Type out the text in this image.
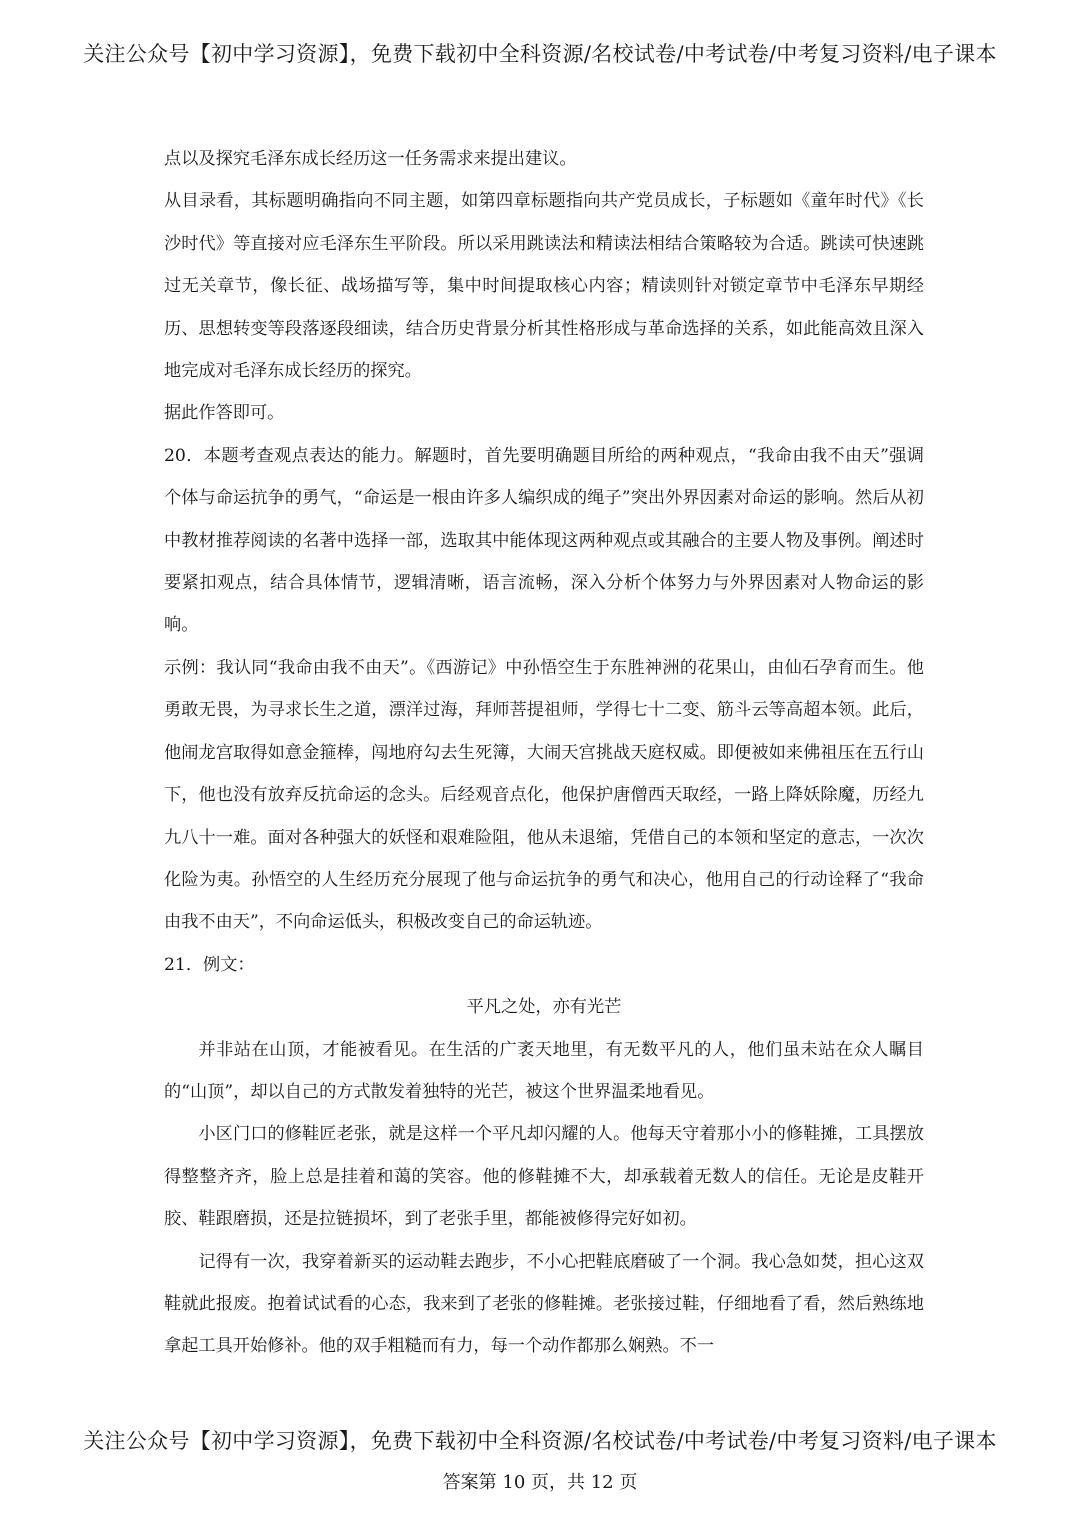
关注公众号【初中学习资源】，免费下载初中全科资源/名校试卷/中考试卷/中考复习资料/电子课本

点以及探究毛泽东成长经历这一任务需求来提出建议。

从目录看，其标题明确指向不同主题，如第四章标题指向共产党员成长，子标题如《童年时代》《长沙时代》等直接对应毛泽东生平阶段。所以采用跳读法和精读法相结合策略较为合适。跳读可快速跳过无关章节，像长征、战场描写等，集中时间提取核心内容；精读则针对锁定章节中毛泽东早期经历、思想转变等段落逐段细读，结合历史背景分析其性格形成与革命选择的关系，如此能高效且深入地完成对毛泽东成长经历的探究。

据此作答即可。

20．本题考查观点表达的能力。解题时，首先要明确题目所给的两种观点，“我命由我不由天”强调个体与命运抗争的勇气，“命运是一根由许多人编织成的绳子”突出外界因素对命运的影响。然后从初中教材推荐阅读的名著中选择一部，选取其中能体现这两种观点或其融合的主要人物及事例。阐述时要紧扣观点，结合具体情节，逻辑清晰，语言流畅，深入分析个体努力与外界因素对人物命运的影响。

示例：我认同“我命由我不由天”。《西游记》中孙悟空生于东胜神洲的花果山，由仙石孕育而生。他勇敢无畏，为寻求长生之道，漂洋过海，拜师菩提祖师，学得七十二变、筋斗云等高超本领。此后，他闹龙宫取得如意金箍棒，闯地府勾去生死簿，大闹天宫挑战天庭权威。即便被如来佛祖压在五行山下，他也没有放弃反抗命运的念头。后经观音点化，他保护唐僧西天取经，一路上降妖除魔，历经九九八十一难。面对各种强大的妖怪和艰难险阻，他从未退缩，凭借自己的本领和坚定的意志，一次次化险为夷。孙悟空的人生经历充分展现了他与命运抗争的勇气和决心，他用自己的行动诠释了“我命由我不由天”，不向命运低头，积极改变自己的命运轨迹。

21．例文：

平凡之处，亦有光芒

并非站在山顶，才能被看见。在生活的广袤天地里，有无数平凡的人，他们虽未站在众人瞩目的“山顶”，却以自己的方式散发着独特的光芒，被这个世界温柔地看见。

小区门口的修鞋匠老张，就是这样一个平凡却闪耀的人。他每天守着那小小的修鞋摊，工具摆放得整整齐齐，脸上总是挂着和蔼的笑容。他的修鞋摊不大，却承载着无数人的信任。无论是皮鞋开胶、鞋跟磨损，还是拉链损坏，到了老张手里，都能被修得完好如初。

记得有一次，我穿着新买的运动鞋去跑步，不小心把鞋底磨破了一个洞。我心急如焚，担心这双鞋就此报废。抱着试试看的心态，我来到了老张的修鞋摊。老张接过鞋，仔细地看了看，然后熟练地拿起工具开始修补。他的双手粗糙而有力，每一个动作都那么娴熟。不一

关注公众号【初中学习资源】，免费下载初中全科资源/名校试卷/中考试卷/中考复习资料/电子课本
答案第 10 页，共 12 页
